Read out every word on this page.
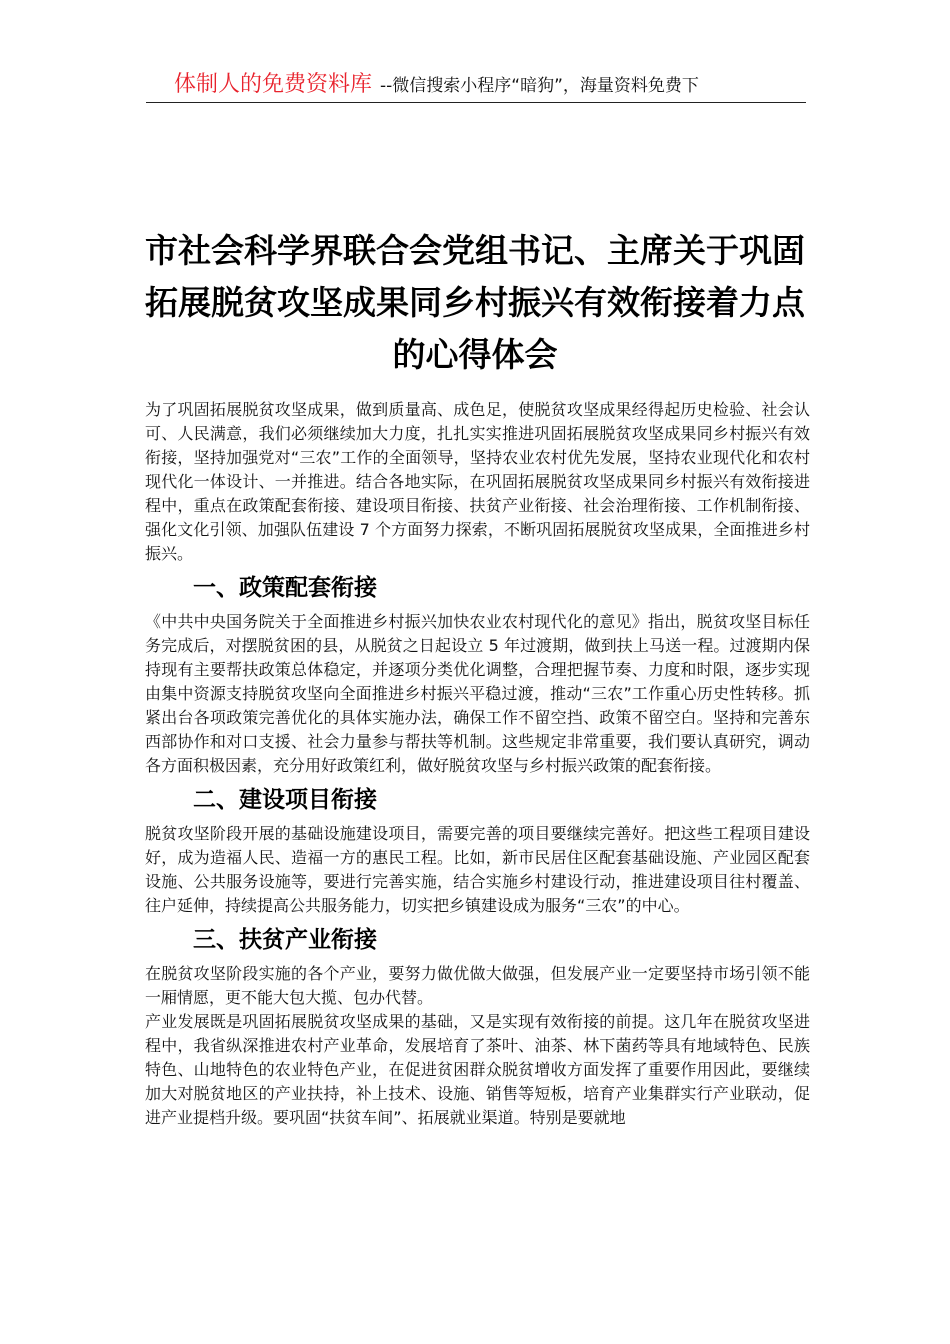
体制人的免费资料库 --微信搜索小程序“暗狗”，海量资料免费下
市社会科学界联合会党组书记、主席关于巩固拓展脱贫攻坚成果同乡村振兴有效衔接着力点的心得体会

为了巩固拓展脱贫攻坚成果，做到质量高、成色足，使脱贫攻坚成果经得起历史检验、社会认可、人民满意，我们必须继续加大力度，扎扎实实推进巩固拓展脱贫攻坚成果同乡村振兴有效衔接，坚持加强党对“三农”工作的全面领导，坚持农业农村优先发展，坚持农业现代化和农村现代化一体设计、一并推进。结合各地实际，在巩固拓展脱贫攻坚成果同乡村振兴有效衔接进程中，重点在政策配套衔接、建设项目衔接、扶贫产业衔接、社会治理衔接、工作机制衔接、强化文化引领、加强队伍建设 7 个方面努力探索，不断巩固拓展脱贫攻坚成果，全面推进乡村振兴。

一、政策配套衔接

《中共中央国务院关于全面推进乡村振兴加快农业农村现代化的意见》指出，脱贫攻坚目标任务完成后，对摆脱贫困的县，从脱贫之日起设立 5 年过渡期，做到扶上马送一程。过渡期内保持现有主要帮扶政策总体稳定，并逐项分类优化调整，合理把握节奏、力度和时限，逐步实现由集中资源支持脱贫攻坚向全面推进乡村振兴平稳过渡，推动“三农”工作重心历史性转移。抓紧出台各项政策完善优化的具体实施办法，确保工作不留空挡、政策不留空白。坚持和完善东西部协作和对口支援、社会力量参与帮扶等机制。这些规定非常重要，我们要认真研究，调动各方面积极因素，充分用好政策红利，做好脱贫攻坚与乡村振兴政策的配套衔接。

二、建设项目衔接

脱贫攻坚阶段开展的基础设施建设项目，需要完善的项目要继续完善好。把这些工程项目建设好，成为造福人民、造福一方的惠民工程。比如，新市民居住区配套基础设施、产业园区配套设施、公共服务设施等，要进行完善实施，结合实施乡村建设行动，推进建设项目往村覆盖、往户延伸，持续提高公共服务能力，切实把乡镇建设成为服务“三农”的中心。

三、扶贫产业衔接

在脱贫攻坚阶段实施的各个产业，要努力做优做大做强，但发展产业一定要坚持市场引领不能一厢情愿，更不能大包大揽、包办代替。

产业发展既是巩固拓展脱贫攻坚成果的基础，又是实现有效衔接的前提。这几年在脱贫攻坚进程中，我省纵深推进农村产业革命，发展培育了茶叶、油茶、林下菌药等具有地域特色、民族特色、山地特色的农业特色产业，在促进贫困群众脱贫增收方面发挥了重要作用因此，要继续加大对脱贫地区的产业扶持，补上技术、设施、销售等短板，培育产业集群实行产业联动，促进产业提档升级。要巩固“扶贫车间”、拓展就业渠道。特别是要就地
